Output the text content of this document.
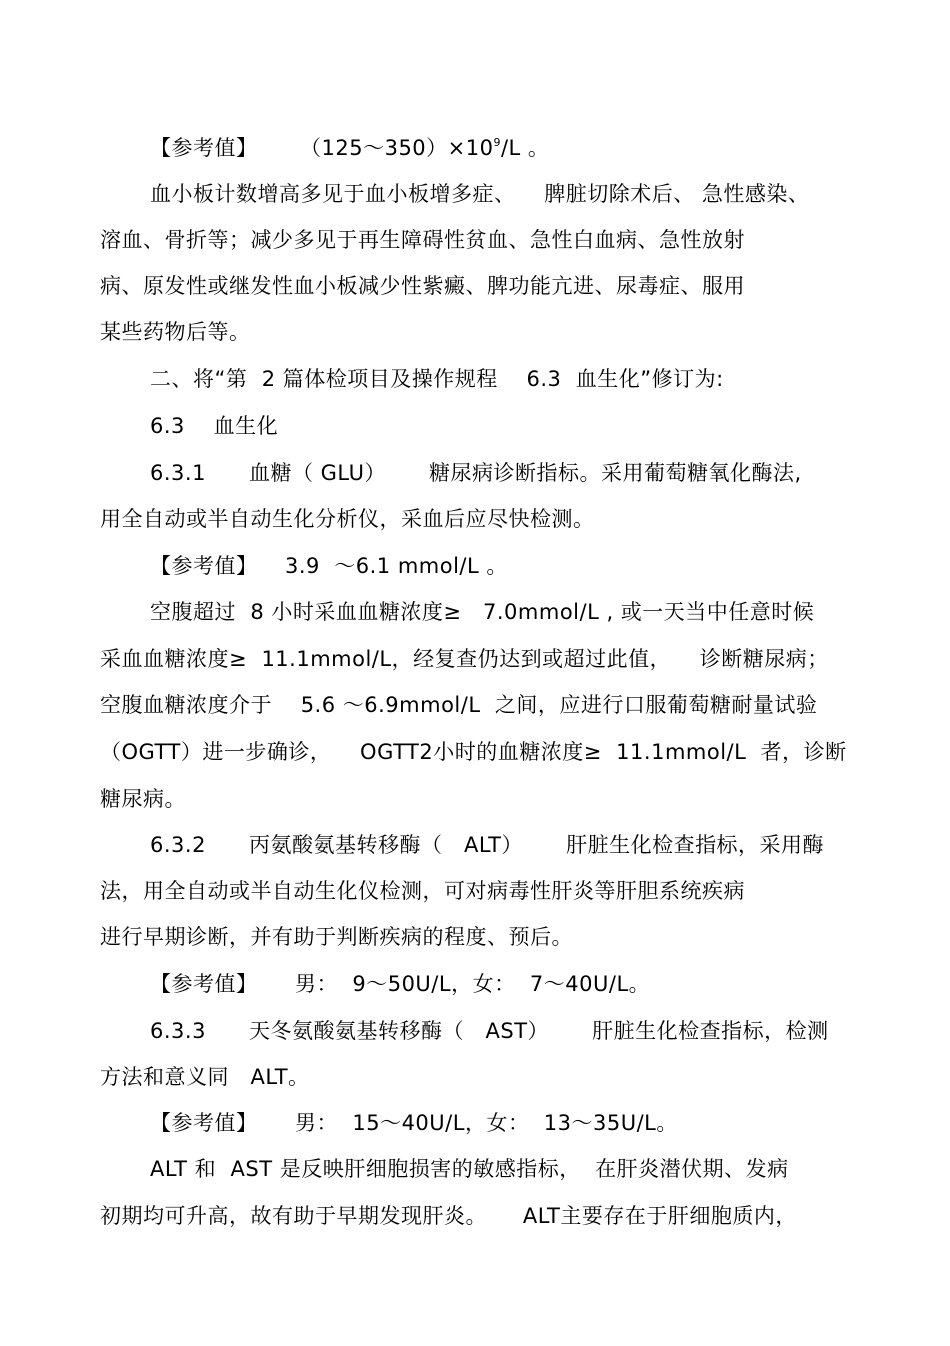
【参考值】 $(125\sim 350)\times 10^9/L$ 。
血小板计数增高多见于血小板增多症、    脾脏切除术后、 急性感染、
溶血、骨折等；减少多见于再生障碍性贫血、急性白血病、急性放射
病、原发性或继发性血小板减少性紫癜、脾功能亢进、尿毒症、服用
某些药物后等。
二、将“第  2 篇体检项目及操作规程    6.3  血生化”修订为:
6.3    血生化
6.3.1      血糖（ GLU）      糖尿病诊断指标。采用葡萄糖氧化酶法,
用全自动或半自动生化分析仪，采血后应尽快检测。
【参考值】 3.9  ～6.1 mmol/L 。
空腹超过  8 小时采血血糖浓度≥   7.0mmol/L , 或一天当中任意时候
采血血糖浓度≥  11.1mmol/L，经复查仍达到或超过此值，    诊断糖尿病；
空腹血糖浓度介于    5.6 ～6.9mmol/L  之间，应进行口服葡萄糖耐量试验
（OGTT）进一步确诊，    OGTT2小时的血糖浓度≥  11.1mmol/L  者，诊断
糖尿病。
6.3.2      丙氨酸氨基转移酶（   ALT）      肝脏生化检查指标，采用酶
法，用全自动或半自动生化仪检测，可对病毒性肝炎等肝胆系统疾病
进行早期诊断，并有助于判断疾病的程度、预后。
【参考值】 男：  9～50U/L，女：  7～40U/L。
6.3.3      天冬氨酸氨基转移酶（   AST）      肝脏生化检查指标，检测
方法和意义同   ALT。
【参考值】 男：  15～40U/L，女：  13～35U/L。
ALT 和  AST 是反映肝细胞损害的敏感指标，  在肝炎潜伏期、发病
初期均可升高，故有助于早期发现肝炎。     ALT主要存在于肝细胞质内，
